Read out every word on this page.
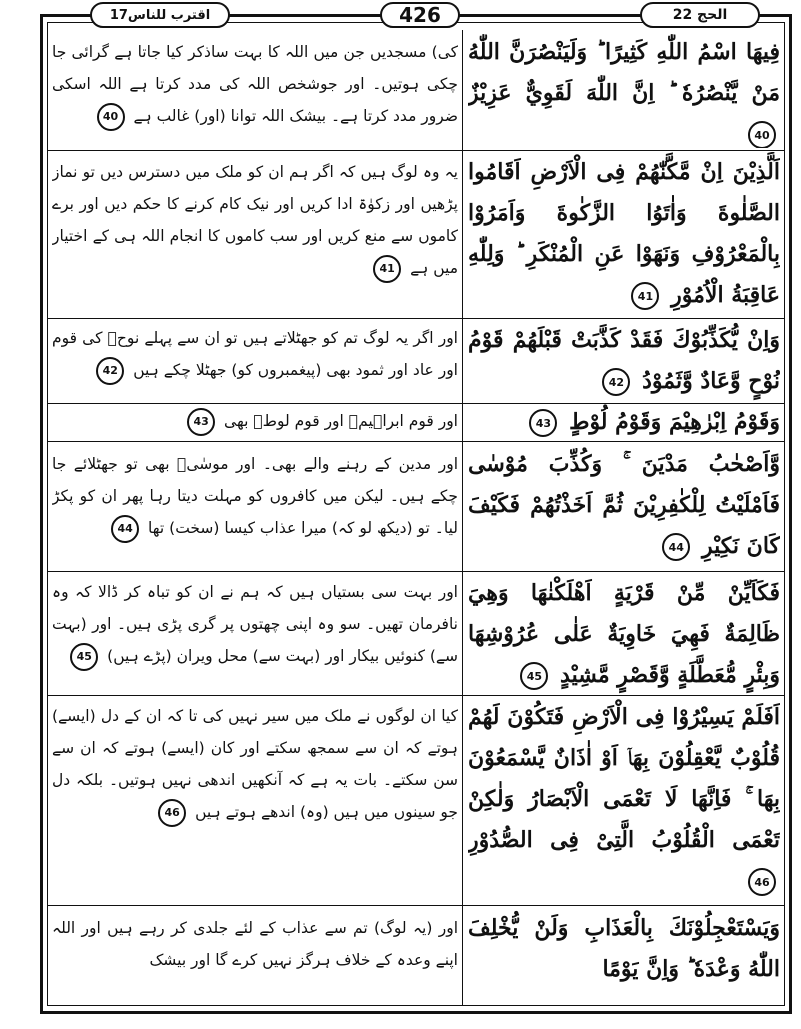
الحج 22
426
اقترب للناس17
فِيهَا اسْمُ اللّٰهِ كَثِيرًا ؕ وَلَيَنْصُرَنَّ اللّٰهُ مَنْ يَّنْصُرُهٗ ؕ اِنَّ اللّٰهَ لَقَوِيٌّ عَزِيْزٌ 40
کی) مسجدیں جن میں اللہ کا بہت ساذکر کیا جاتا ہے گرائی جا چکی ہوتیں۔ اور جوشخص اللہ کی مدد کرتا ہے اللہ اسکی ضرور مدد کرتا ہے۔ بیشک اللہ توانا (اور) غالب ہے 40
اَلَّذِيْنَ اِنْ مَّكَّنّٰهُمْ فِى الْاَرْضِ اَقَامُوا الصَّلٰوةَ وَاٰتَوُا الزَّكٰوةَ وَاَمَرُوْا بِالْمَعْرُوْفِ وَنَهَوْا عَنِ الْمُنْكَرِ ؕ وَلِلّٰهِ عَاقِبَةُ الْاُمُوْرِ 41
یہ وہ لوگ ہیں کہ اگر ہم ان کو ملک میں دسترس دیں تو نماز پڑھیں اور زکوٰۃ ادا کریں اور نیک کام کرنے کا حکم دیں اور برے کاموں سے منع کریں اور سب کاموں کا انجام اللہ ہی کے اختیار میں ہے 41
وَاِنْ يُّكَذِّبُوْكَ فَقَدْ كَذَّبَتْ قَبْلَهُمْ قَوْمُ نُوْحٍ وَّعَادٌ وَّثَمُوْدُ 42
اور اگر یہ لوگ تم کو جھٹلاتے ہیں تو ان سے پہلے نوحؑ کی قوم اور عاد اور ثمود بھی (پیغمبروں کو) جھٹلا چکے ہیں 42
وَقَوْمُ اِبْرٰهِيْمَ وَقَوْمُ لُوْطٍ 43
اور قوم ابراہیمؑ اور قوم لوطؑ بھی 43
وَّاَصْحٰبُ مَدْيَنَ ۚ وَكُذِّبَ مُوْسٰى فَاَمْلَيْتُ لِلْكٰفِرِيْنَ ثُمَّ اَخَذْتُهُمْ فَكَيْفَ كَانَ نَكِيْرِ 44
اور مدین کے رہنے والے بھی۔ اور موسٰیؑ بھی تو جھٹلائے جا چکے ہیں۔ لیکن میں کافروں کو مہلت دیتا رہا پھر ان کو پکڑ لیا۔ تو (دیکھ لو کہ) میرا عذاب کیسا (سخت) تھا 44
فَكَاَيِّنْ مِّنْ قَرْيَةٍ اَهْلَكْنٰهَا وَهِيَ ظَالِمَةٌ فَهِيَ خَاوِيَةٌ عَلٰى عُرُوْشِهَا وَبِئْرٍ مُّعَطَّلَةٍ وَّقَصْرٍ مَّشِيْدٍ 45
اور بہت سی بستیاں ہیں کہ ہم نے ان کو تباہ کر ڈالا کہ وہ نافرمان تھیں۔ سو وہ اپنی چھتوں پر گری پڑی ہیں۔ اور (بہت سے) کنوئیں بیکار اور (بہت سے) محل ویران (پڑے ہیں) 45
اَفَلَمْ يَسِيْرُوْا فِى الْاَرْضِ فَتَكُوْنَ لَهُمْ قُلُوْبٌ يَّعْقِلُوْنَ بِهَاۤ اَوْ اٰذَانٌ يَّسْمَعُوْنَ بِهَا ۚ فَاِنَّهَا لَا تَعْمَى الْاَبْصَارُ وَلٰكِنْ تَعْمَى الْقُلُوْبُ الَّتِىْ فِى الصُّدُوْرِ 46
کیا ان لوگوں نے ملک میں سیر نہیں کی تا کہ ان کے دل (ایسے) ہوتے کہ ان سے سمجھ سکتے اور کان (ایسے) ہوتے کہ ان سے سن سکتے۔ بات یہ ہے کہ آنکھیں اندھی نہیں ہوتیں۔ بلکہ دل جو سینوں میں ہیں (وہ) اندھے ہوتے ہیں 46
وَيَسْتَعْجِلُوْنَكَ بِالْعَذَابِ وَلَنْ يُّخْلِفَ اللّٰهُ وَعْدَهٗ ؕ وَاِنَّ يَوْمًا
اور (یہ لوگ) تم سے عذاب کے لئے جلدی کر رہے ہیں اور اللہ اپنے وعدہ کے خلاف ہرگز نہیں کرے گا اور بیشک
